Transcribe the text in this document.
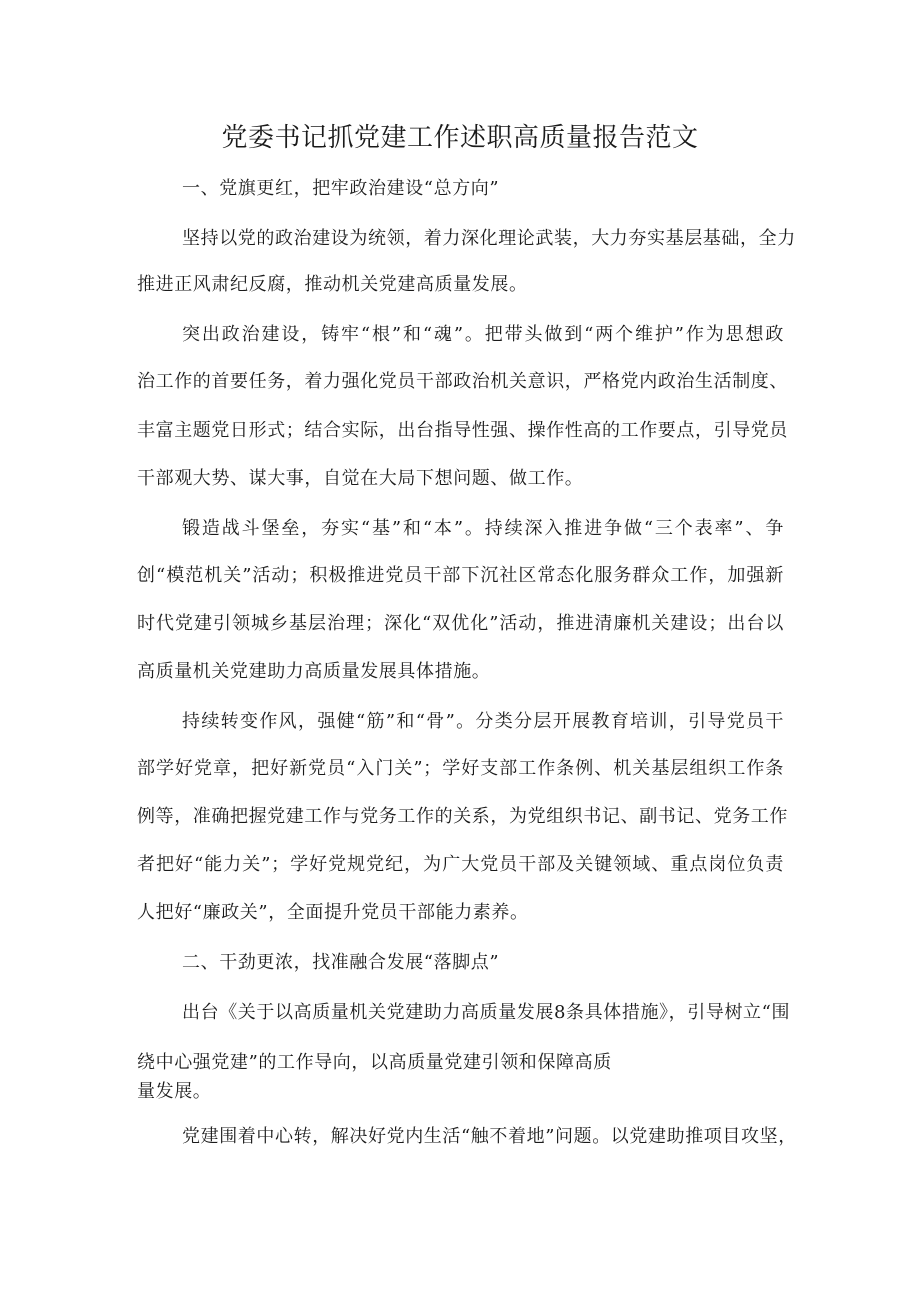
党委书记抓党建工作述职高质量报告范文
一、党旗更红，把牢政治建设“总方向”
坚持以党的政治建设为统领，着力深化理论武装，大力夯实基层基础，全力
推进正风肃纪反腐，推动机关党建高质量发展。
突出政治建设，铸牢“根”和“魂”。把带头做到“两个维护”作为思想政
治工作的首要任务，着力强化党员干部政治机关意识，严格党内政治生活制度、
丰富主题党日形式；结合实际，出台指导性强、操作性高的工作要点，引导党员
干部观大势、谋大事，自觉在大局下想问题、做工作。
锻造战斗堡垒，夯实“基”和“本”。持续深入推进争做“三个表率”、争
创“模范机关”活动；积极推进党员干部下沉社区常态化服务群众工作，加强新
时代党建引领城乡基层治理；深化“双优化”活动，推进清廉机关建设；出台以
高质量机关党建助力高质量发展具体措施。
持续转变作风，强健“筋”和“骨”。分类分层开展教育培训，引导党员干
部学好党章，把好新党员“入门关”；学好支部工作条例、机关基层组织工作条
例等，准确把握党建工作与党务工作的关系，为党组织书记、副书记、党务工作
者把好“能力关”；学好党规党纪，为广大党员干部及关键领域、重点岗位负责
人把好“廉政关”，全面提升党员干部能力素养。
二、干劲更浓，找准融合发展“落脚点”
出台《关于以高质量机关党建助力高质量发展8条具体措施》，引导树立“围
绕中心强党建”的工作导向，以高质量党建引领和保障高质
量发展。
党建围着中心转，解决好党内生活“触不着地”问题。以党建助推项目攻坚，
